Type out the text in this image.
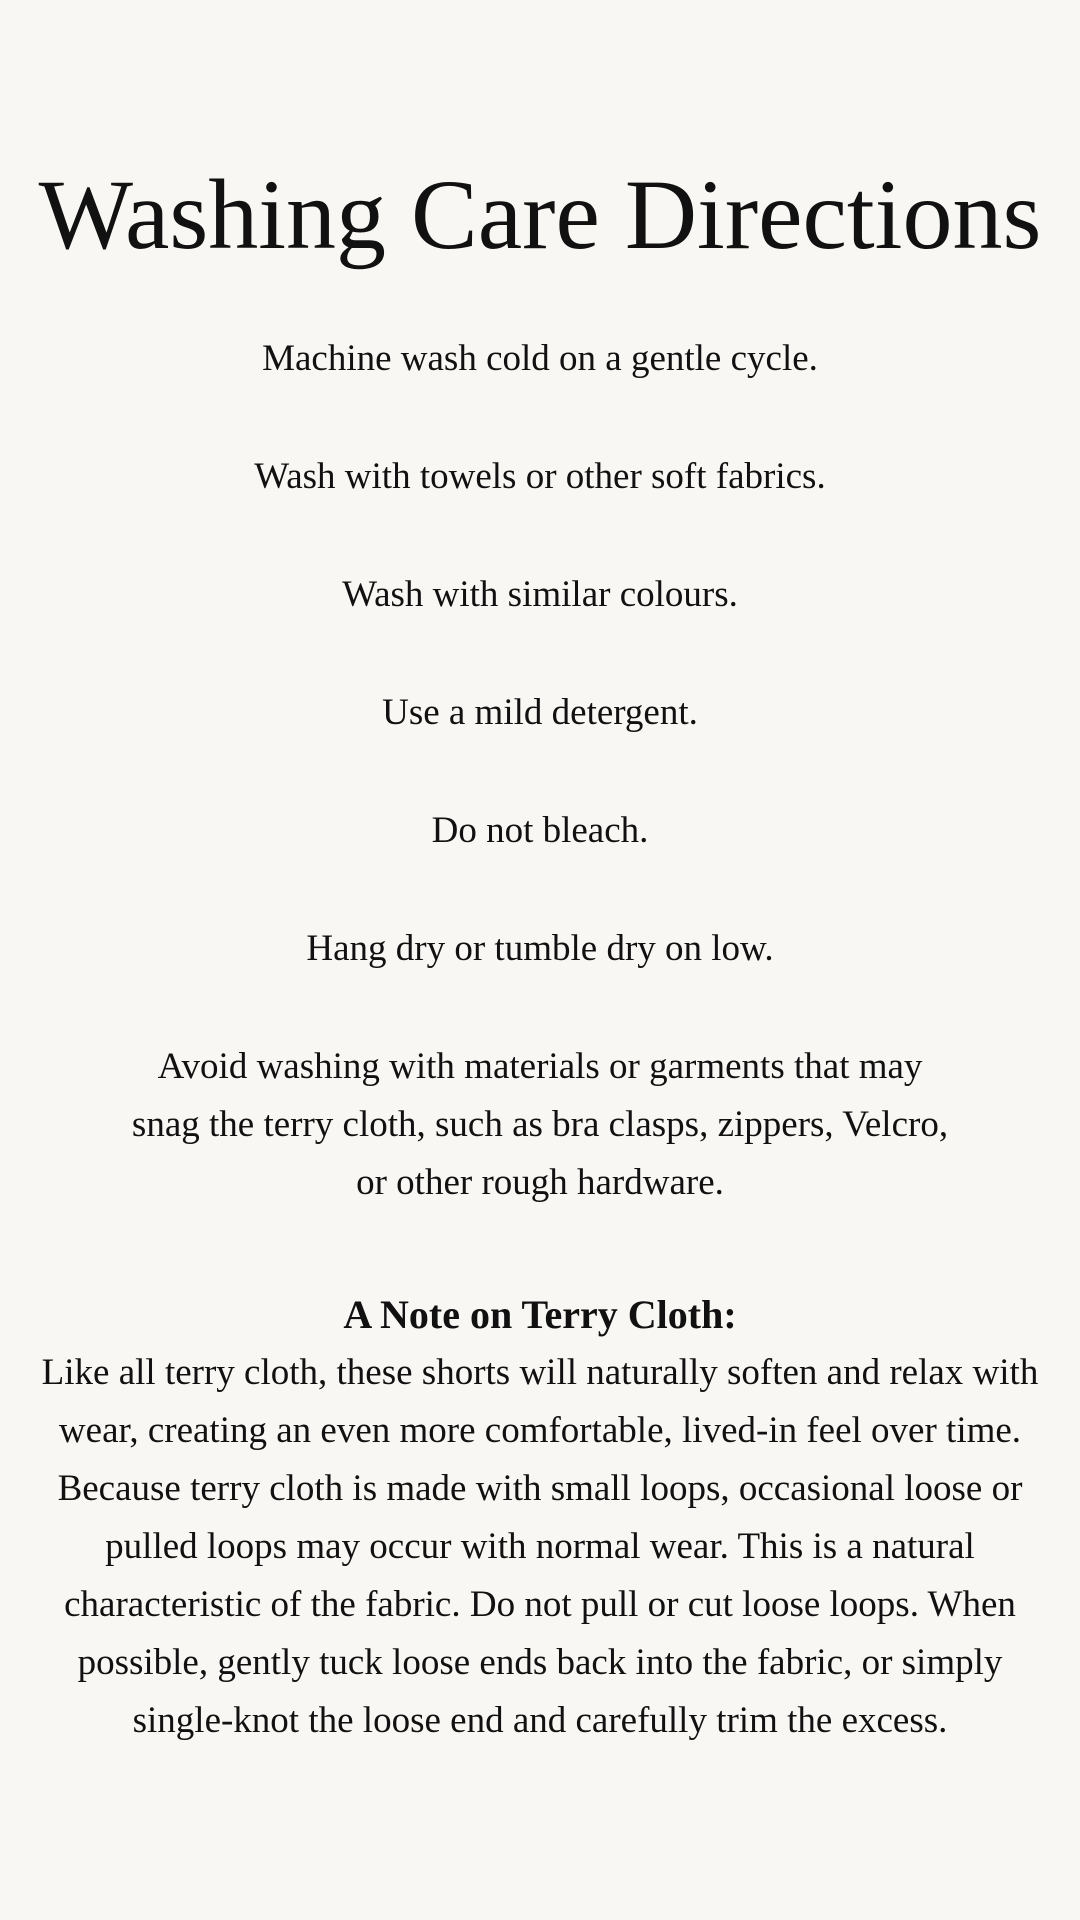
Washing Care Directions
Machine wash cold on a gentle cycle.
Wash with towels or other soft fabrics.
Wash with similar colours.
Use a mild detergent.
Do not bleach.
Hang dry or tumble dry on low.
Avoid washing with materials or garments that may snag the terry cloth, such as bra clasps, zippers, Velcro, or other rough hardware.

A Note on Terry Cloth:

Like all terry cloth, these shorts will naturally soften and relax with wear, creating an even more comfortable, lived-in feel over time. Because terry cloth is made with small loops, occasional loose or pulled loops may occur with normal wear. This is a natural characteristic of the fabric. Do not pull or cut loose loops. When possible, gently tuck loose ends back into the fabric, or simply single-knot the loose end and carefully trim the excess.
